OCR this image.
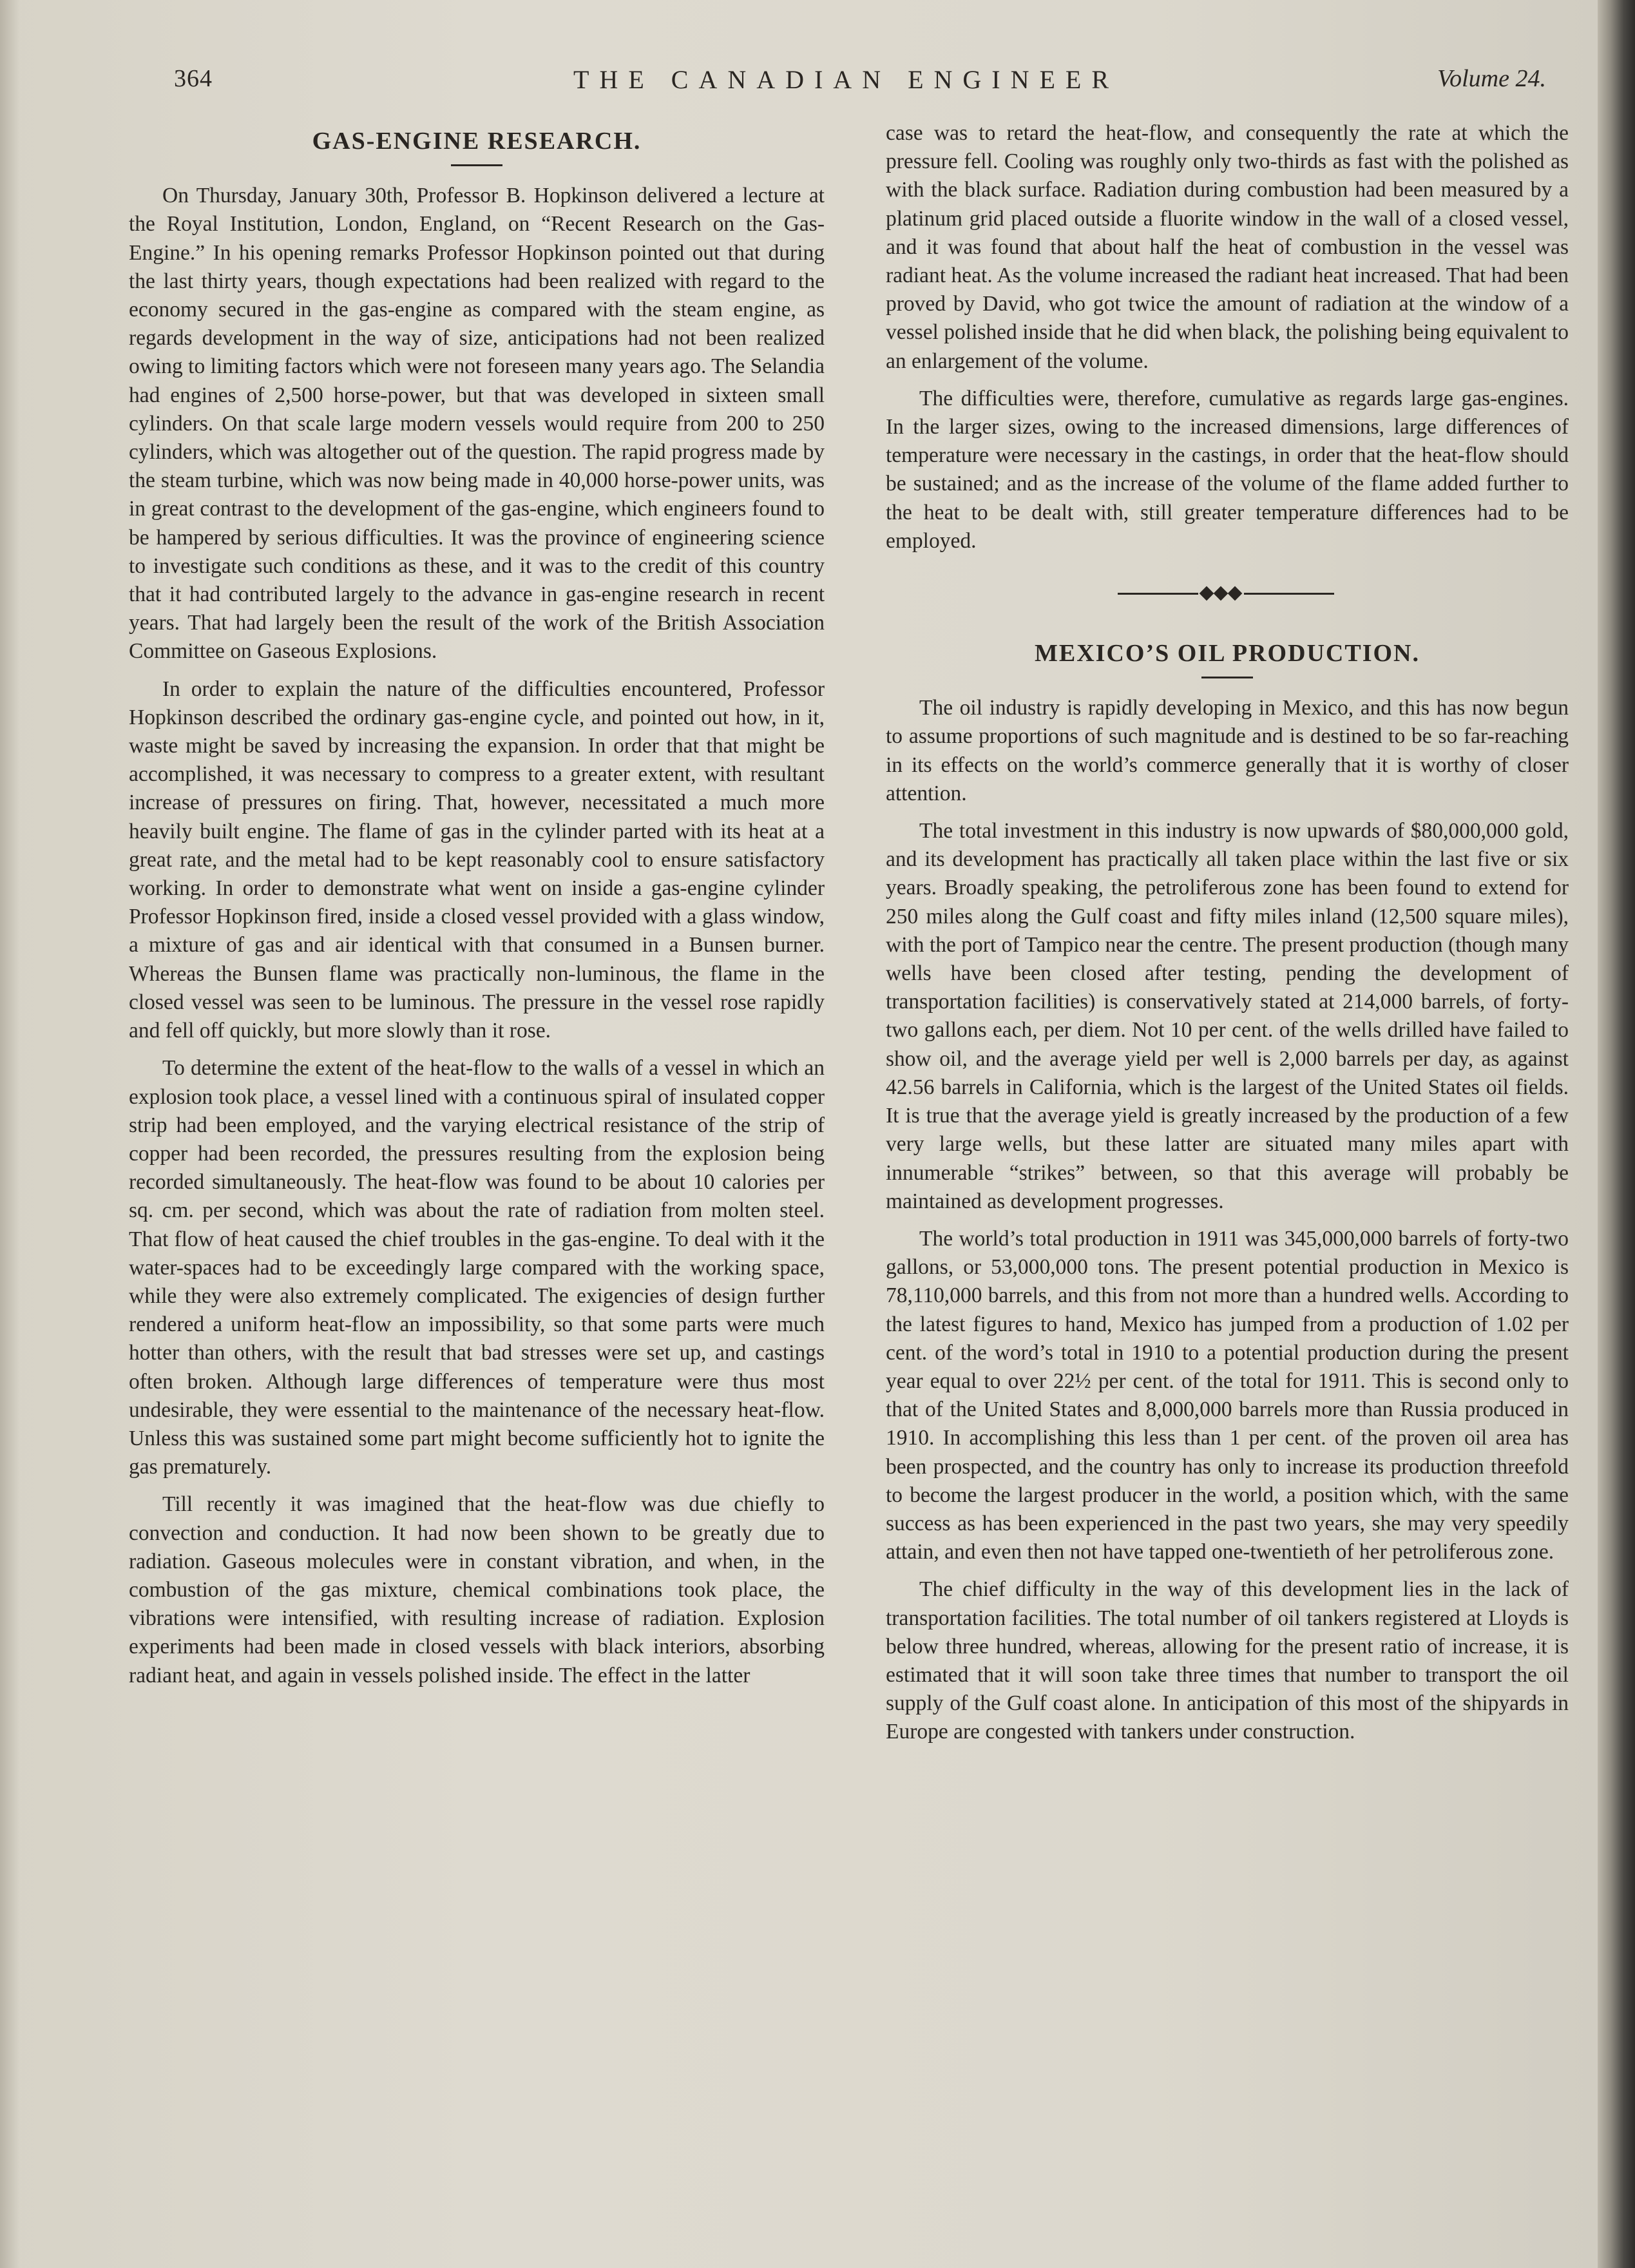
364	THE CANADIAN ENGINEER	Volume 24.
GAS-ENGINE RESEARCH.

On Thursday, January 30th, Professor B. Hopkinson delivered a lecture at the Royal Institution, London, England, on “Recent Research on the Gas-Engine.” In his opening remarks Professor Hopkinson pointed out that during the last thirty years, though expectations had been realized with regard to the economy secured in the gas-engine as compared with the steam engine, as regards development in the way of size, anticipations had not been realized owing to limiting factors which were not foreseen many years ago. The Selandia had engines of 2,500 horse-power, but that was developed in sixteen small cylinders. On that scale large modern vessels would require from 200 to 250 cylinders, which was altogether out of the question. The rapid progress made by the steam turbine, which was now being made in 40,000 horse-power units, was in great contrast to the development of the gas-engine, which engineers found to be hampered by serious difficulties. It was the province of engineering science to investigate such conditions as these, and it was to the credit of this country that it had contributed largely to the advance in gas-engine research in recent years. That had largely been the result of the work of the British Association Committee on Gaseous Explosions.

In order to explain the nature of the difficulties encountered, Professor Hopkinson described the ordinary gas-engine cycle, and pointed out how, in it, waste might be saved by increasing the expansion. In order that that might be accomplished, it was necessary to compress to a greater extent, with resultant increase of pressures on firing. That, however, necessitated a much more heavily built engine. The flame of gas in the cylinder parted with its heat at a great rate, and the metal had to be kept reasonably cool to ensure satisfactory working. In order to demonstrate what went on inside a gas-engine cylinder Professor Hopkinson fired, inside a closed vessel provided with a glass window, a mixture of gas and air identical with that consumed in a Bunsen burner. Whereas the Bunsen flame was practically non-luminous, the flame in the closed vessel was seen to be luminous. The pressure in the vessel rose rapidly and fell off quickly, but more slowly than it rose.

To determine the extent of the heat-flow to the walls of a vessel in which an explosion took place, a vessel lined with a continuous spiral of insulated copper strip had been employed, and the varying electrical resistance of the strip of copper had been recorded, the pressures resulting from the explosion being recorded simultaneously. The heat-flow was found to be about 10 calories per sq. cm. per second, which was about the rate of radiation from molten steel. That flow of heat caused the chief troubles in the gas-engine. To deal with it the water-spaces had to be exceedingly large compared with the working space, while they were also extremely complicated. The exigencies of design further rendered a uniform heat-flow an impossibility, so that some parts were much hotter than others, with the result that bad stresses were set up, and castings often broken. Although large differences of temperature were thus most undesirable, they were essential to the maintenance of the necessary heat-flow. Unless this was sustained some part might become sufficiently hot to ignite the gas prematurely.

Till recently it was imagined that the heat-flow was due chiefly to convection and conduction. It had now been shown to be greatly due to radiation. Gaseous molecules were in constant vibration, and when, in the combustion of the gas mixture, chemical combinations took place, the vibrations were intensified, with resulting increase of radiation. Explosion experiments had been made in closed vessels with black interiors, absorbing radiant heat, and again in vessels polished inside. The effect in the latter

case was to retard the heat-flow, and consequently the rate at which the pressure fell. Cooling was roughly only two-thirds as fast with the polished as with the black surface. Radiation during combustion had been measured by a platinum grid placed outside a fluorite window in the wall of a closed vessel, and it was found that about half the heat of combustion in the vessel was radiant heat. As the volume increased the radiant heat increased. That had been proved by David, who got twice the amount of radiation at the window of a vessel polished inside that he did when black, the polishing being equivalent to an enlargement of the volume.

The difficulties were, therefore, cumulative as regards large gas-engines. In the larger sizes, owing to the increased dimensions, large differences of temperature were necessary in the castings, in order that the heat-flow should be sustained; and as the increase of the volume of the flame added further to the heat to be dealt with, still greater temperature differences had to be employed.

MEXICO’S OIL PRODUCTION.

The oil industry is rapidly developing in Mexico, and this has now begun to assume proportions of such magnitude and is destined to be so far-reaching in its effects on the world’s commerce generally that it is worthy of closer attention.

The total investment in this industry is now upwards of $80,000,000 gold, and its development has practically all taken place within the last five or six years. Broadly speaking, the petroliferous zone has been found to extend for 250 miles along the Gulf coast and fifty miles inland (12,500 square miles), with the port of Tampico near the centre. The present production (though many wells have been closed after testing, pending the development of transportation facilities) is conservatively stated at 214,000 barrels, of forty-two gallons each, per diem. Not 10 per cent. of the wells drilled have failed to show oil, and the average yield per well is 2,000 barrels per day, as against 42.56 barrels in California, which is the largest of the United States oil fields. It is true that the average yield is greatly increased by the production of a few very large wells, but these latter are situated many miles apart with innumerable “strikes” between, so that this average will probably be maintained as development progresses.

The world’s total production in 1911 was 345,000,000 barrels of forty-two gallons, or 53,000,000 tons. The present potential production in Mexico is 78,110,000 barrels, and this from not more than a hundred wells. According to the latest figures to hand, Mexico has jumped from a production of 1.02 per cent. of the word’s total in 1910 to a potential production during the present year equal to over 22½ per cent. of the total for 1911. This is second only to that of the United States and 8,000,000 barrels more than Russia produced in 1910. In accomplishing this less than 1 per cent. of the proven oil area has been prospected, and the country has only to increase its production threefold to become the largest producer in the world, a position which, with the same success as has been experienced in the past two years, she may very speedily attain, and even then not have tapped one-twentieth of her petroliferous zone.

The chief difficulty in the way of this development lies in the lack of transportation facilities. The total number of oil tankers registered at Lloyds is below three hundred, whereas, allowing for the present ratio of increase, it is estimated that it will soon take three times that number to transport the oil supply of the Gulf coast alone. In anticipation of this most of the shipyards in Europe are congested with tankers under construction.
